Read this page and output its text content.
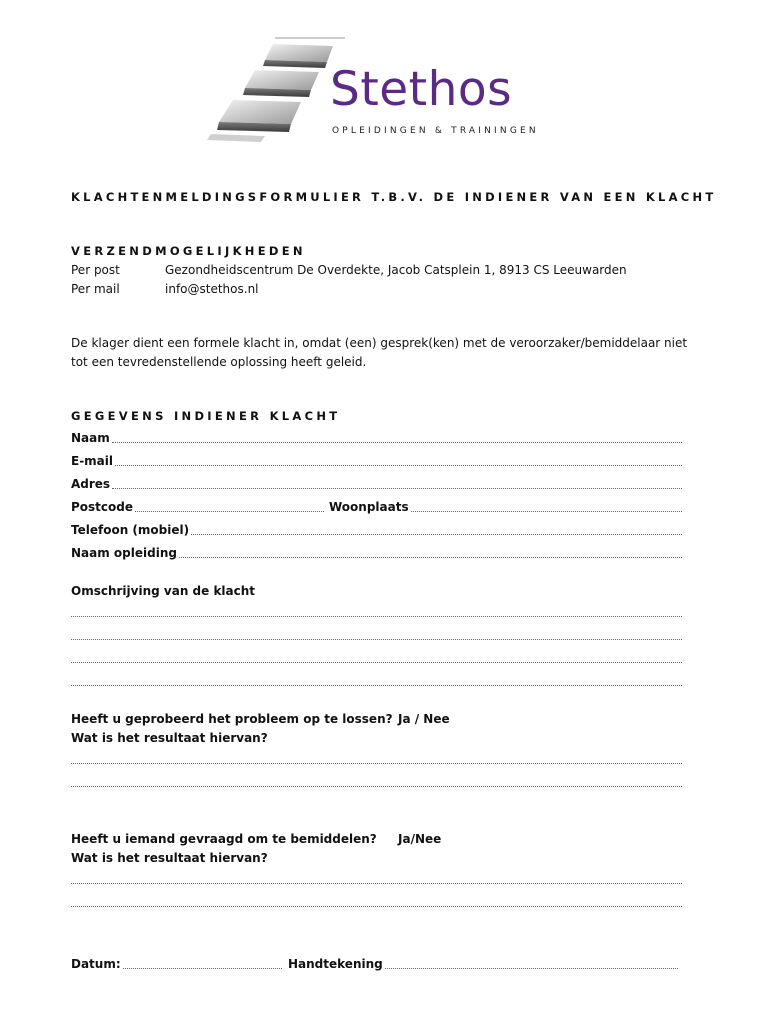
Stethos
OPLEIDINGEN & TRAININGEN
KLACHTENMELDINGSFORMULIER T.B.V. DE INDIENER VAN EEN KLACHT
VERZENDMOGELIJKHEDEN
Per post	Gezondheidscentrum De Overdekte, Jacob Catsplein 1, 8913 CS Leeuwarden
Per mail	info@stethos.nl
De klager dient een formele klacht in, omdat (een) gesprek(ken) met de veroorzaker/bemiddelaar niet
tot een tevredenstellende oplossing heeft geleid.
GEGEVENS INDIENER KLACHT
Naam
E-mail
Adres
Postcode	Woonplaats
Telefoon (mobiel)
Naam opleiding
Omschrijving van de klacht
Heeft u geprobeerd het probleem op te lossen? Ja / Nee
Wat is het resultaat hiervan?
Heeft u iemand gevraagd om te bemiddelen? Ja/Nee
Wat is het resultaat hiervan?
Datum:	Handtekening
